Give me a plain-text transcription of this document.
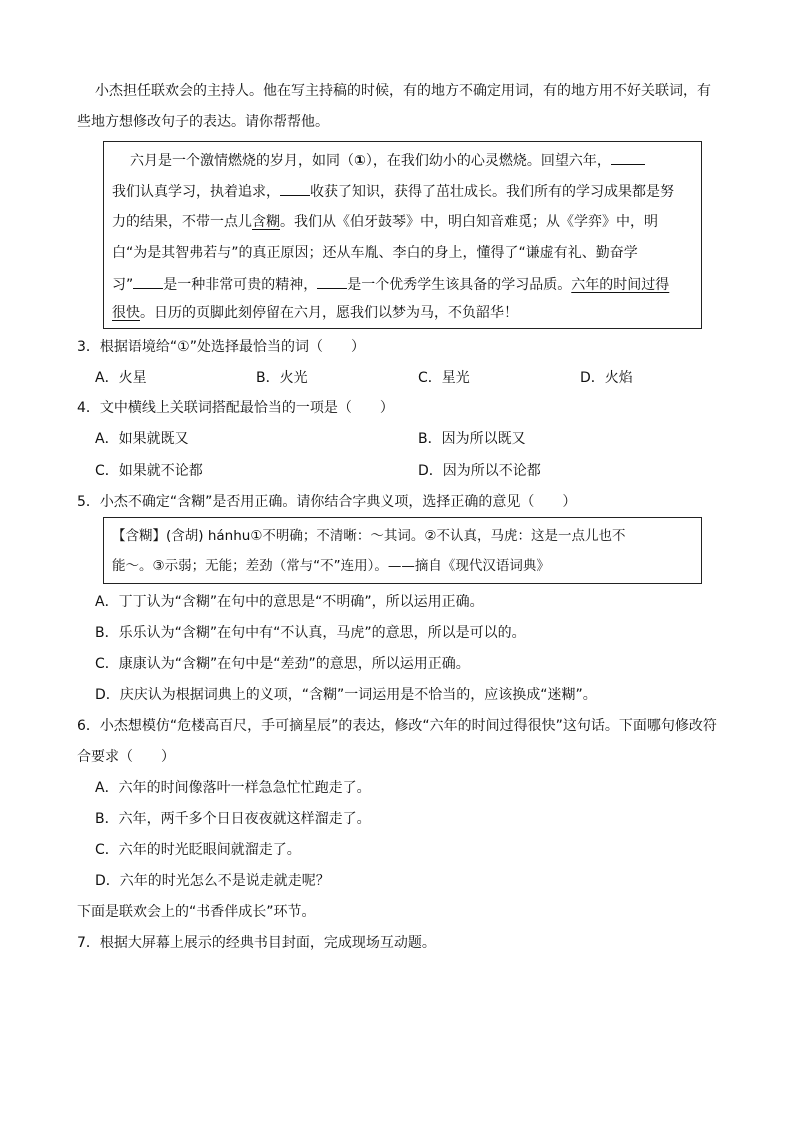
小杰担任联欢会的主持人。他在写主持稿的时候，有的地方不确定用词，有的地方用不好关联词，有
些地方想修改句子的表达。请你帮帮他。
六月是一个激情燃烧的岁月，如同（①），在我们幼小的心灵燃烧。回望六年，
我们认真学习，执着追求， 收获了知识，获得了茁壮成长。我们所有的学习成果都是努
力的结果，不带一点儿含糊。我们从《伯牙鼓琴》中，明白知音难觅；从《学弈》中，明
白“为是其智弗若与”的真正原因；还从车胤、李白的身上，懂得了“谦虚有礼、勤奋学
习” 是一种非常可贵的精神， 是一个优秀学生该具备的学习品质。六年的时间过得
很快。日历的页脚此刻停留在六月，愿我们以梦为马，不负韶华！
3．根据语境给“①”处选择最恰当的词（　　）
A．火星	B．火光	C．星光	D．火焰
4．文中横线上关联词搭配最恰当的一项是（　　）
A．如果就既又	B．因为所以既又
C．如果就不论都	D．因为所以不论都
5．小杰不确定“含糊”是否用正确。请你结合字典义项，选择正确的意见（　　）
【含糊】(含胡) hánhu①不明确；不清晰：～其词。②不认真，马虎：这是一点儿也不
能～。③示弱；无能；差劲（常与“不”连用）。——摘自《现代汉语词典》
A．丁丁认为“含糊”在句中的意思是“不明确”，所以运用正确。
B．乐乐认为“含糊”在句中有“不认真，马虎”的意思，所以是可以的。
C．康康认为“含糊”在句中是“差劲”的意思，所以运用正确。
D．庆庆认为根据词典上的义项，“含糊”一词运用是不恰当的，应该换成“迷糊”。
6．小杰想模仿“危楼高百尺，手可摘星辰”的表达，修改“六年的时间过得很快”这句话。下面哪句修改符
合要求（　　）
A．六年的时间像落叶一样急急忙忙跑走了。
B．六年，两千多个日日夜夜就这样溜走了。
C．六年的时光眨眼间就溜走了。
D．六年的时光怎么不是说走就走呢？
下面是联欢会上的“书香伴成长”环节。
7．根据大屏幕上展示的经典书目封面，完成现场互动题。
